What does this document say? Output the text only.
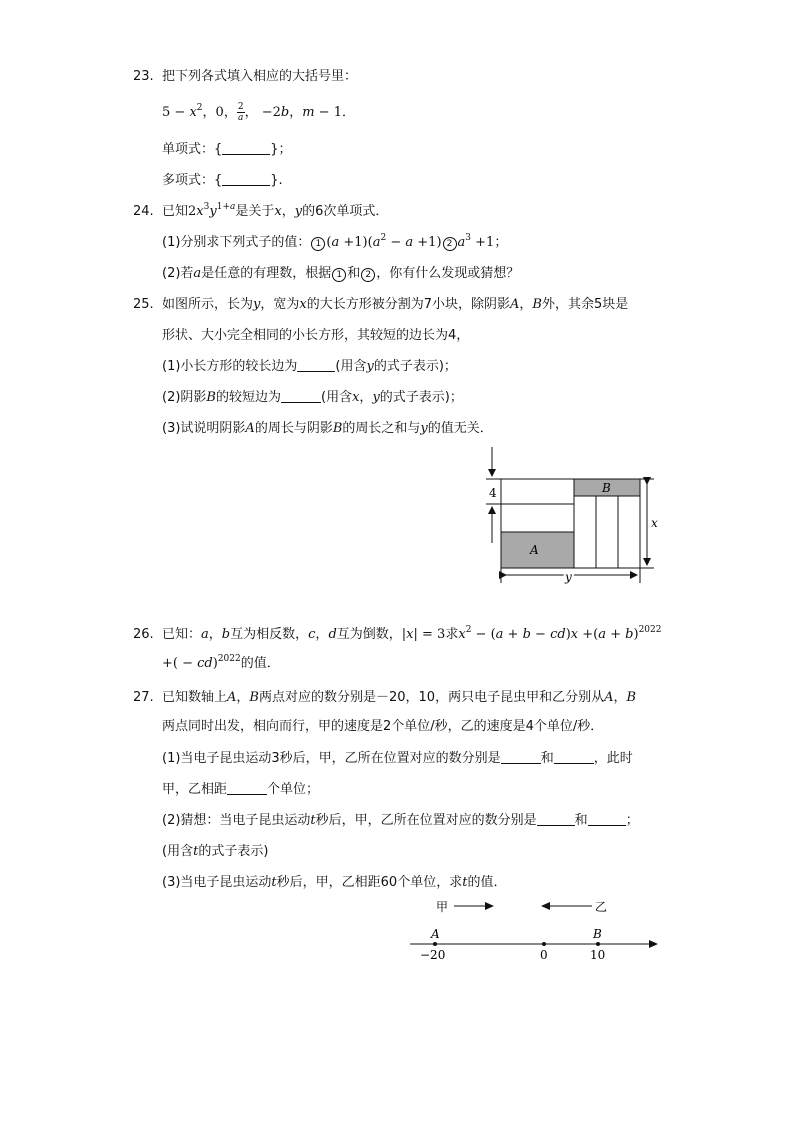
23. 把下列各式填入相应的大括号里：
$5 - x^2$，0， $\frac{2}{a}$ ， −2b，m − 1．
单项式：{	}；
多项式：{	}.
24. 已知$2x^3y^{1+a}$是关于x，y的6次单项式．
(1)分别求下列式子的值： 1 $(a +1)(a^2 - a +1)$ 2 $a^3 +1$；
(2)若a是任意的有理数，根据 1 和 2 ，你有什么发现或猜想？
25. 如图所示，长为y，宽为x的大长方形被分割为7小块，除阴影A，B外，其余5块是
形状、大小完全相同的小长方形，其较短的边长为4，
(1)小长方形的较长边为	(用含y的式子表示)；
(2)阴影B的较短边为	(用含x，y的式子表示)；
(3)试说明阴影A的周长与阴影B的周长之和与y的值无关．
4
A
B
x
y
26. 已知：a，b互为相反数，c，d互为倒数，|x| = 3求$x^2 - (a + b - cd)x +(a + b)^{2022}$
+( − cd)$^{2022}$的值．
27. 已知数轴上A，B两点对应的数分别是－20，10，两只电子昆虫甲和乙分别从A，B
两点同时出发，相向而行，甲的速度是2个单位/秒，乙的速度是4个单位/秒．
(1)当电子昆虫运动3秒后，甲，乙所在位置对应的数分别是	和	，此时
甲，乙相距	个单位；
(2)猜想：当电子昆虫运动t秒后，甲，乙所在位置对应的数分别是	和	；
(用含t的式子表示)
(3)当电子昆虫运动t秒后，甲，乙相距60个单位，求t的值．
甲	乙
A	B
−20	0	10
